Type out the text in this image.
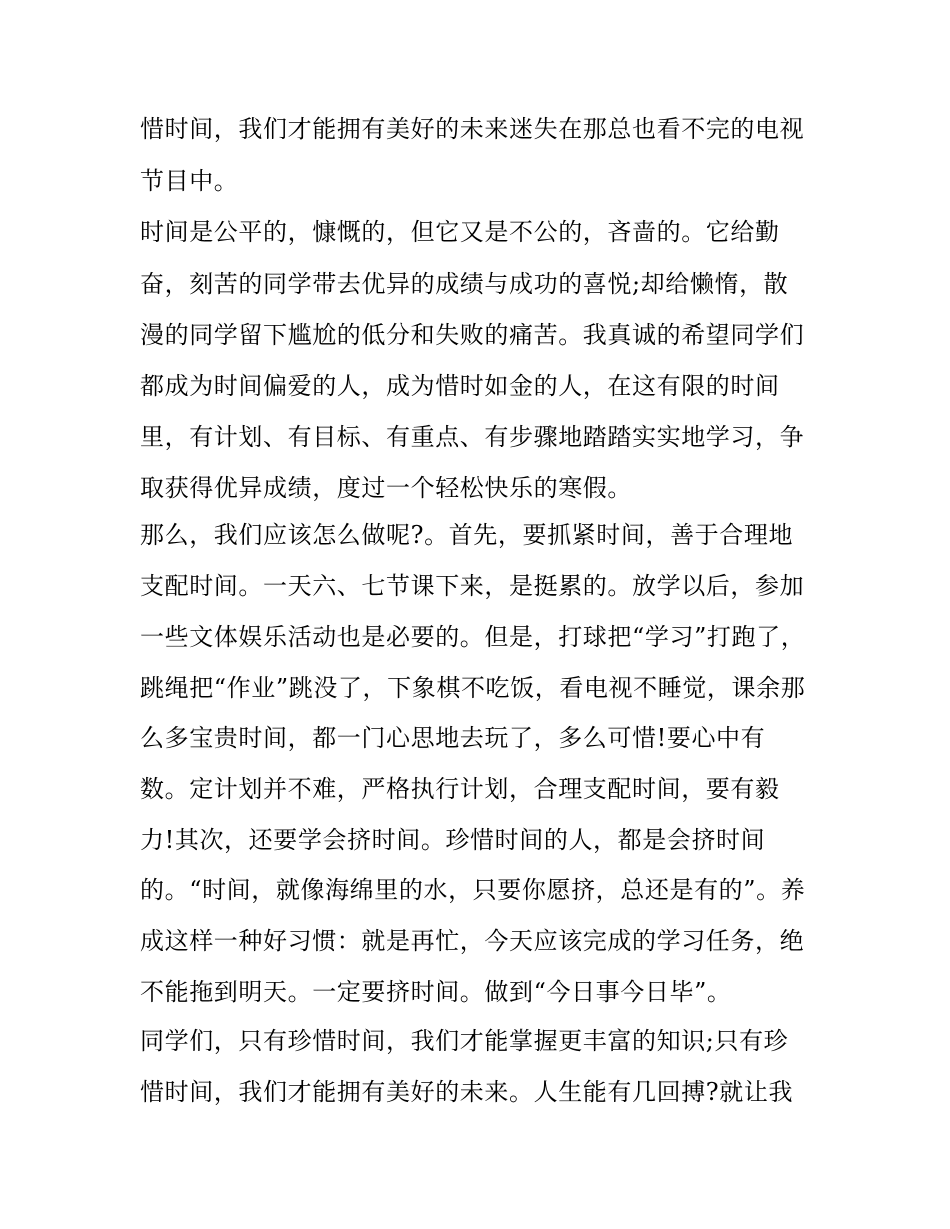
惜时间，我们才能拥有美好的未来迷失在那总也看不完的电视
节目中。
时间是公平的，慷慨的，但它又是不公的，吝啬的。它给勤
奋，刻苦的同学带去优异的成绩与成功的喜悦;却给懒惰，散
漫的同学留下尴尬的低分和失败的痛苦。我真诚的希望同学们
都成为时间偏爱的人，成为惜时如金的人，在这有限的时间
里，有计划、有目标、有重点、有步骤地踏踏实实地学习，争
取获得优异成绩，度过一个轻松快乐的寒假。
那么，我们应该怎么做呢?。首先，要抓紧时间，善于合理地
支配时间。一天六、七节课下来，是挺累的。放学以后，参加
一些文体娱乐活动也是必要的。但是，打球把“学习”打跑了，
跳绳把“作业”跳没了，下象棋不吃饭，看电视不睡觉，课余那
么多宝贵时间，都一门心思地去玩了，多么可惜!要心中有
数。定计划并不难，严格执行计划，合理支配时间，要有毅
力!其次，还要学会挤时间。珍惜时间的人，都是会挤时间
的。“时间，就像海绵里的水，只要你愿挤，总还是有的”。养
成这样一种好习惯：就是再忙，今天应该完成的学习任务，绝
不能拖到明天。一定要挤时间。做到“今日事今日毕”。
同学们，只有珍惜时间，我们才能掌握更丰富的知识;只有珍
惜时间，我们才能拥有美好的未来。人生能有几回搏?就让我
